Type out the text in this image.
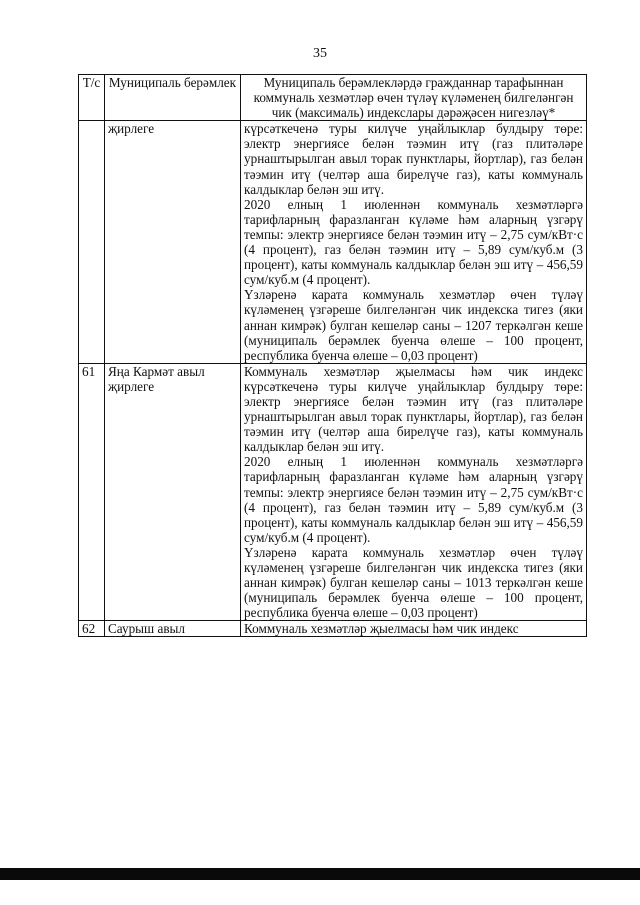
35
Т/с	Муниципаль берәмлек	Муниципаль берәмлекләрдә гражданнар тарафыннан коммуналь хезмәтләр өчен түләү күләменең билгеләнгән чик (максималь) индекслары дәрәҗәсен нигезләү*
	җирлеге	күрсәткеченә туры килүче уңайлыклар булдыру төре: электр энергиясе белән тәэмин итү (газ плитәләре урнаштырылган авыл торак пунктлары, йортлар), газ белән тәэмин итү (челтәр аша бирелүче газ), каты коммуналь калдыклар белән эш итү.

2020 елның 1 июленнән коммуналь хезмәтләргә тарифларның фаразланган күләме һәм аларның үзгәрү темпы: электр энергиясе белән тәэмин итү – 2,75 сум/кВт·с (4 процент), газ белән тәэмин итү – 5,89 сум/куб.м (3 процент), каты коммуналь калдыклар белән эш итү – 456,59 сум/куб.м (4 процент).

Үзләренә карата коммуналь хезмәтләр өчен түләү күләменең үзгәреше билгеләнгән чик индекска тигез (яки аннан кимрәк) булган кешеләр саны – 1207 теркәлгән кеше (муниципаль берәмлек буенча өлеше – 100 процент, республика буенча өлеше – 0,03 процент)

61	Яңа Кармәт авыл җирлеге	Коммуналь хезмәтләр җыелмасы һәм чик индекс күрсәткеченә туры килүче уңайлыклар булдыру төре: электр энергиясе белән тәэмин итү (газ плитәләре урнаштырылган авыл торак пунктлары, йортлар), газ белән тәэмин итү (челтәр аша бирелүче газ), каты коммуналь калдыклар белән эш итү.

2020 елның 1 июленнән коммуналь хезмәтләргә тарифларның фаразланган күләме һәм аларның үзгәрү темпы: электр энергиясе белән тәэмин итү – 2,75 сум/кВт·с (4 процент), газ белән тәэмин итү – 5,89 сум/куб.м (3 процент), каты коммуналь калдыклар белән эш итү – 456,59 сум/куб.м (4 процент).

Үзләренә карата коммуналь хезмәтләр өчен түләү күләменең үзгәреше билгеләнгән чик индекска тигез (яки аннан кимрәк) булган кешеләр саны – 1013 теркәлгән кеше (муниципаль берәмлек буенча өлеше – 100 процент, республика буенча өлеше – 0,03 процент)

62	Саурыш авыл	Коммуналь хезмәтләр җыелмасы һәм чик индекс
